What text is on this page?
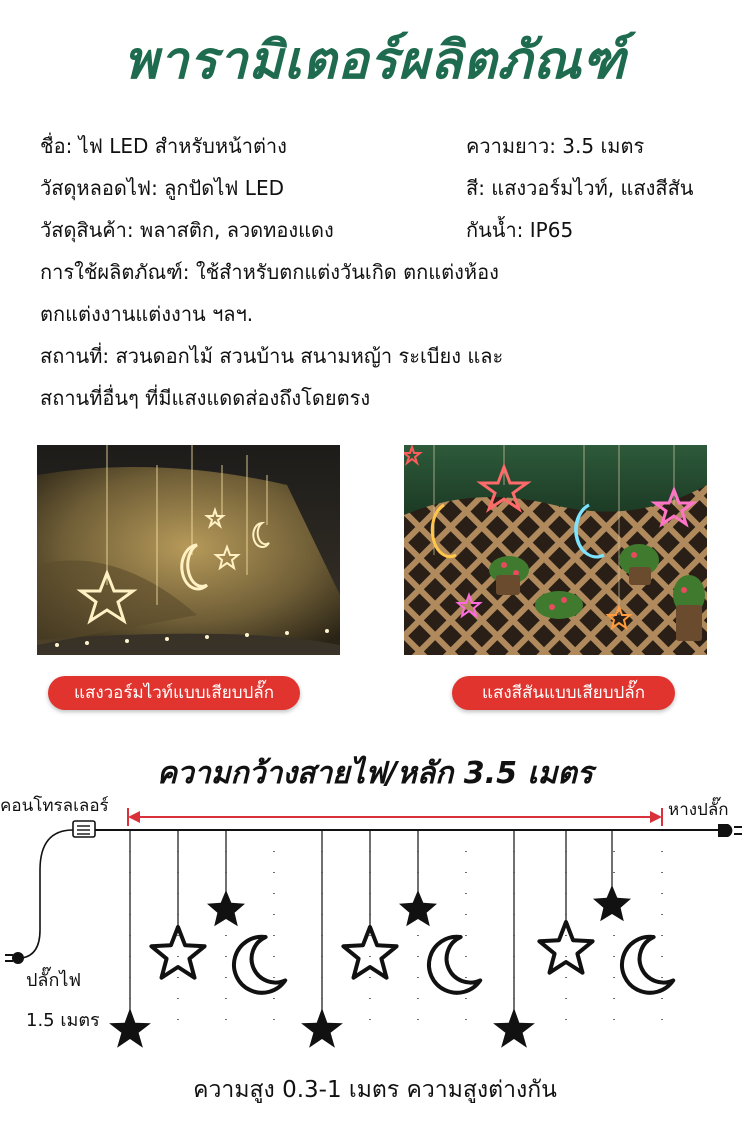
พารามิเตอร์ผลิตภัณฑ์
ชื่อ: ไฟ LED สำหรับหน้าต่าง	ความยาว: 3.5 เมตร
วัสดุหลอดไฟ: ลูกปัดไฟ LED	สี: แสงวอร์มไวท์, แสงสีสัน
วัสดุสินค้า: พลาสติก, ลวดทองแดง	กันน้ำ: IP65
การใช้ผลิตภัณฑ์: ใช้สำหรับตกแต่งวันเกิด ตกแต่งห้อง
ตกแต่งงานแต่งงาน ฯลฯ.
สถานที่: สวนดอกไม้ สวนบ้าน สนามหญ้า ระเบียง และ
สถานที่อื่นๆ ที่มีแสงแดดส่องถึงโดยตรง
แสงวอร์มไวท์แบบเสียบปลั๊ก	แสงสีสันแบบเสียบปลั๊ก
ความกว้างสายไฟ/หลัก 3.5 เมตร
คอนโทรลเลอร์	หางปลั๊ก
ปลั๊กไฟ
1.5 เมตร
ความสูง 0.3-1 เมตร ความสูงต่างกัน
